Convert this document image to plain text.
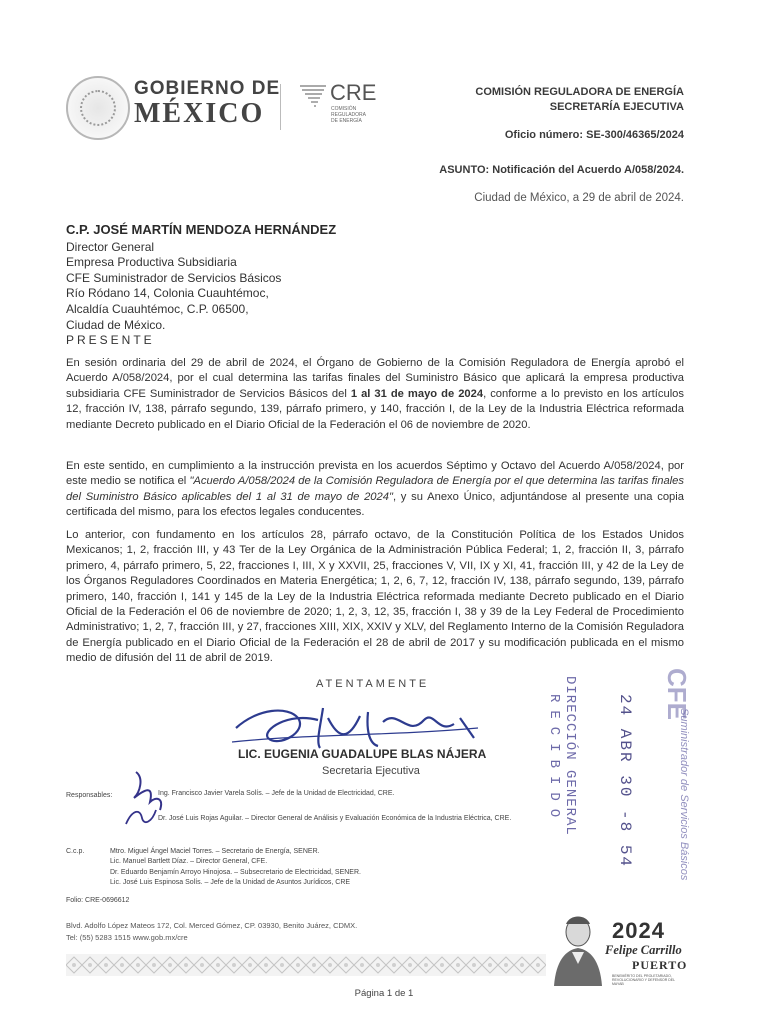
GOBIERNO DE
MÉXICO
CRE
COMISIÓN REGULADORA DE ENERGÍA
COMISIÓN REGULADORA DE ENERGÍA
SECRETARÍA EJECUTIVA
Oficio número: SE-300/46365/2024
ASUNTO: Notificación del Acuerdo A/058/2024.
Ciudad de México, a 29 de abril de 2024.
C.P. JOSÉ MARTÍN MENDOZA HERNÁNDEZ
Director General
Empresa Productiva Subsidiaria
CFE Suministrador de Servicios Básicos
Río Ródano 14, Colonia Cuauhtémoc,
Alcaldía Cuauhtémoc, C.P. 06500,
Ciudad de México.
PRESENTE
En sesión ordinaria del 29 de abril de 2024, el Órgano de Gobierno de la Comisión Reguladora de Energía aprobó el Acuerdo A/058/2024, por el cual determina las tarifas finales del Suministro Básico que aplicará la empresa productiva subsidiaria CFE Suministrador de Servicios Básicos del 1 al 31 de mayo de 2024, conforme a lo previsto en los artículos 12, fracción IV, 138, párrafo segundo, 139, párrafo primero, y 140, fracción I, de la Ley de la Industria Eléctrica reformada mediante Decreto publicado en el Diario Oficial de la Federación el 06 de noviembre de 2020.
En este sentido, en cumplimiento a la instrucción prevista en los acuerdos Séptimo y Octavo del Acuerdo A/058/2024, por este medio se notifica el "Acuerdo A/058/2024 de la Comisión Reguladora de Energía por el que determina las tarifas finales del Suministro Básico aplicables del 1 al 31 de mayo de 2024", y su Anexo Único, adjuntándose al presente una copia certificada del mismo, para los efectos legales conducentes.
Lo anterior, con fundamento en los artículos 28, párrafo octavo, de la Constitución Política de los Estados Unidos Mexicanos; 1, 2, fracción III, y 43 Ter de la Ley Orgánica de la Administración Pública Federal; 1, 2, fracción II, 3, párrafo primero, 4, párrafo primero, 5, 22, fracciones I, III, X y XXVII, 25, fracciones V, VII, IX y XI, 41, fracción III, y 42 de la Ley de los Órganos Reguladores Coordinados en Materia Energética; 1, 2, 6, 7, 12, fracción IV, 138, párrafo segundo, 139, párrafo primero, 140, fracción I, 141 y 145 de la Ley de la Industria Eléctrica reformada mediante Decreto publicado en el Diario Oficial de la Federación el 06 de noviembre de 2020; 1, 2, 3, 12, 35, fracción I, 38 y 39 de la Ley Federal de Procedimiento Administrativo; 1, 2, 7, fracción III, y 27, fracciones XIII, XIX, XXIV y XLV, del Reglamento Interno de la Comisión Reguladora de Energía publicado en el Diario Oficial de la Federación el 28 de abril de 2017 y su modificación publicada en el mismo medio de difusión del 11 de abril de 2019.
ATENTAMENTE
LIC. EUGENIA GUADALUPE BLAS NÁJERA
Secretaria Ejecutiva
Responsables:	Ing. Francisco Javier Varela Solís. – Jefe de la Unidad de Electricidad, CRE.
Dr. José Luis Rojas Aguilar. – Director General de Análisis y Evaluación Económica de la Industria Eléctrica, CRE.
C.c.p.	Mtro. Miguel Ángel Maciel Torres. – Secretario de Energía, SENER.
Lic. Manuel Bartlett Díaz. – Director General, CFE.
Dr. Eduardo Benjamín Arroyo Hinojosa. – Subsecretario de Electricidad, SENER.
Lic. José Luis Espinosa Solís. – Jefe de la Unidad de Asuntos Jurídicos, CRE
Folio: CRE-0696612
Blvd. Adolfo López Mateos 172, Col. Merced Gómez, CP. 03930, Benito Juárez, CDMX.
Tel: (55) 5283 1515 www.gob.mx/cre	2024
Felipe Carrillo
PUERTO
BENEMÉRITO DEL PROLETARIADO, REVOLUCIONARIO Y DEFENSOR DEL MAYAB
Página 1 de 1
DIRECCIÓN GENERAL
RECIBIDO	24 ABR 30 -8 54 CFE
Suministrador de Servicios Básicos
